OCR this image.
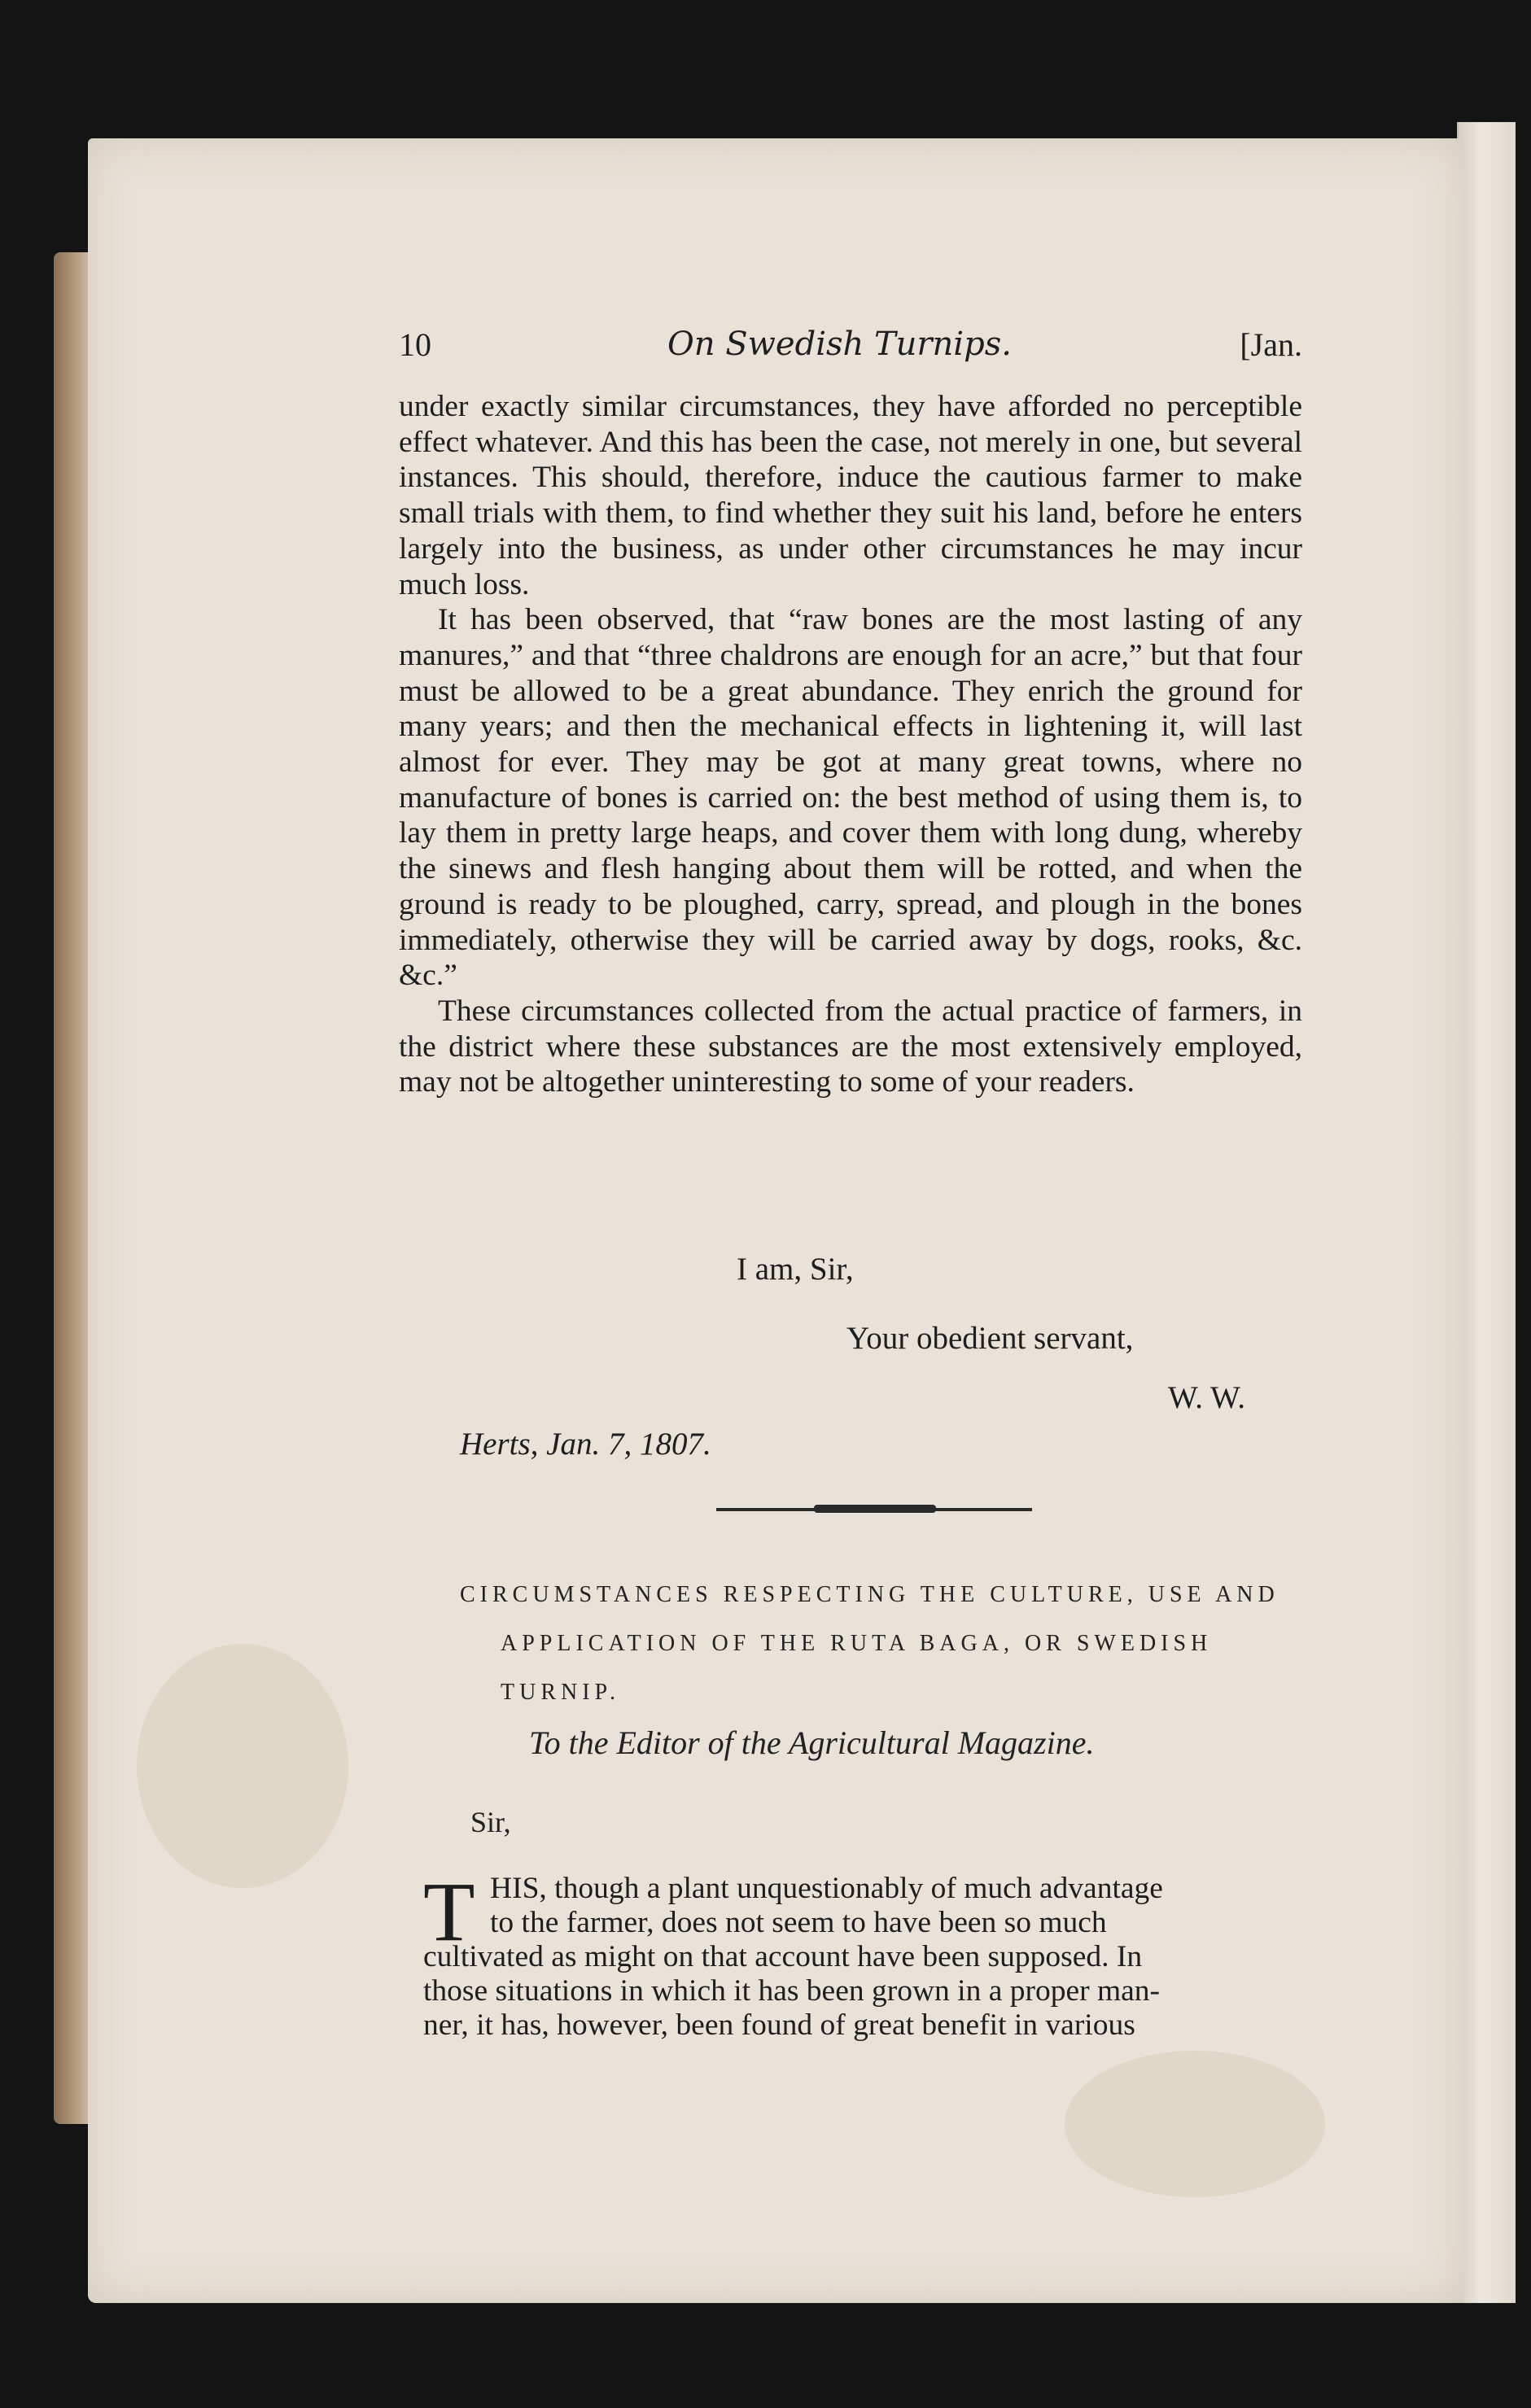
10	On Swedish Turnips.	[Jan.

under exactly similar circumstances, they have afforded no perceptible effect whatever. And this has been the case, not merely in one, but several instances. This should, therefore, induce the cautious farmer to make small trials with them, to find whether they suit his land, before he enters largely into the business, as under other circumstances he may incur much loss.

It has been observed, that “raw bones are the most lasting of any manures,” and that “three chaldrons are enough for an acre,” but that four must be allowed to be a great abundance. They enrich the ground for many years; and then the mechanical effects in lightening it, will last almost for ever. They may be got at many great towns, where no manufacture of bones is carried on: the best method of using them is, to lay them in pretty large heaps, and cover them with long dung, whereby the sinews and flesh hanging about them will be rotted, and when the ground is ready to be ploughed, carry, spread, and plough in the bones immediately, otherwise they will be carried away by dogs, rooks, &c. &c.”

These circumstances collected from the actual practice of farmers, in the district where these substances are the most extensively employed, may not be altogether uninteresting to some of your readers.

I am, Sir,
Your obedient servant,
W. W.
Herts, Jan. 7, 1807.
CIRCUMSTANCES RESPECTING THE CULTURE, USE AND
APPLICATION OF THE RUTA BAGA, OR SWEDISH
TURNIP.
To the Editor of the Agricultural Magazine.
Sir,
T HIS, though a plant unquestionably of much advantage
to the farmer, does not seem to have been so much
cultivated as might on that account have been supposed. In
those situations in which it has been grown in a proper man-
ner, it has, however, been found of great benefit in various
